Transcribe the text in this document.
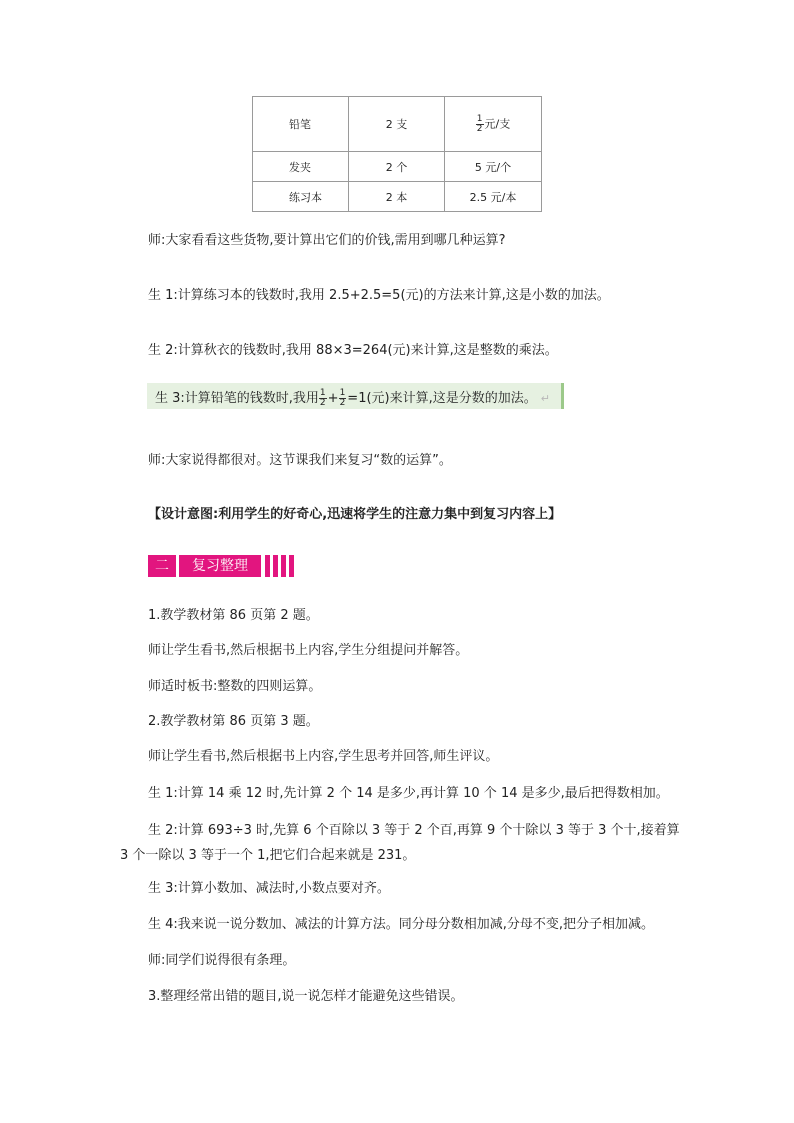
铅笔	2 支	$\frac{1}{2}$ 元/支
发夹	2 个	5 元/个
练习本	2 本	2.5 元/本
师:大家看看这些货物,要计算出它们的价钱,需用到哪几种运算?
生 1:计算练习本的钱数时,我用 2.5+2.5=5(元)的方法来计算,这是小数的加法。
生 2:计算秋衣的钱数时,我用 88×3=264(元)来计算,这是整数的乘法。
生 3:计算铅笔的钱数时,我用 $\frac{1}{2} + \frac{1}{2} =1$(元)来计算,这是分数的加法。 ↵
师:大家说得都很对。这节课我们来复习“数的运算”。
【设计意图:利用学生的好奇心,迅速将学生的注意力集中到复习内容上】
二	复习整理
1.教学教材第 86 页第 2 题。
师让学生看书,然后根据书上内容,学生分组提问并解答。
师适时板书:整数的四则运算。
2.教学教材第 86 页第 3 题。
师让学生看书,然后根据书上内容,学生思考并回答,师生评议。
生 1:计算 14 乘 12 时,先计算 2 个 14 是多少,再计算 10 个 14 是多少,最后把得数相加。
生 2:计算 693÷3 时,先算 6 个百除以 3 等于 2 个百,再算 9 个十除以 3 等于 3 个十,接着算
3 个一除以 3 等于一个 1,把它们合起来就是 231。
生 3:计算小数加、减法时,小数点要对齐。
生 4:我来说一说分数加、减法的计算方法。同分母分数相加减,分母不变,把分子相加减。
师:同学们说得很有条理。
3.整理经常出错的题目,说一说怎样才能避免这些错误。
